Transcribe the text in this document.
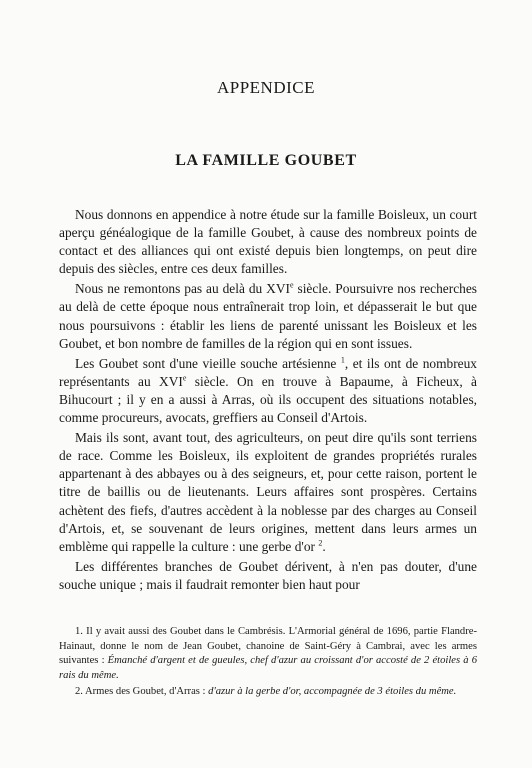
APPENDICE
LA FAMILLE GOUBET

Nous donnons en appendice à notre étude sur la famille Boisleux, un court aperçu généalogique de la famille Goubet, à cause des nombreux points de contact et des alliances qui ont existé depuis bien longtemps, on peut dire depuis des siècles, entre ces deux familles.

Nous ne remontons pas au delà du XVIe siècle. Poursuivre nos recherches au delà de cette époque nous entraînerait trop loin, et dépasserait le but que nous poursuivons : établir les liens de parenté unissant les Boisleux et les Goubet, et bon nombre de familles de la région qui en sont issues.

Les Goubet sont d'une vieille souche artésienne $^1$, et ils ont de nombreux représentants au XVIe siècle. On en trouve à Bapaume, à Ficheux, à Bihucourt ; il y en a aussi à Arras, où ils occupent des situations notables, comme procureurs, avocats, greffiers au Conseil d'Artois.

Mais ils sont, avant tout, des agriculteurs, on peut dire qu'ils sont terriens de race. Comme les Boisleux, ils exploitent de grandes propriétés rurales appartenant à des abbayes ou à des seigneurs, et, pour cette raison, portent le titre de baillis ou de lieutenants. Leurs affaires sont prospères. Certains achètent des fiefs, d'autres accèdent à la noblesse par des charges au Conseil d'Artois, et, se souvenant de leurs origines, mettent dans leurs armes un emblème qui rappelle la culture : une gerbe d'or $^2$.

Les différentes branches de Goubet dérivent, à n'en pas douter, d'une souche unique ; mais il faudrait remonter bien haut pour

1. Il y avait aussi des Goubet dans le Cambrésis. L'Armorial général de 1696, partie Flandre-Hainaut, donne le nom de Jean Goubet, chanoine de Saint-Géry à Cambrai, avec les armes suivantes : Émanché d'argent et de gueules, chef d'azur au croissant d'or accosté de 2 étoiles à 6 rais du même.

2. Armes des Goubet, d'Arras : d'azur à la gerbe d'or, accompagnée de 3 étoiles du même.
